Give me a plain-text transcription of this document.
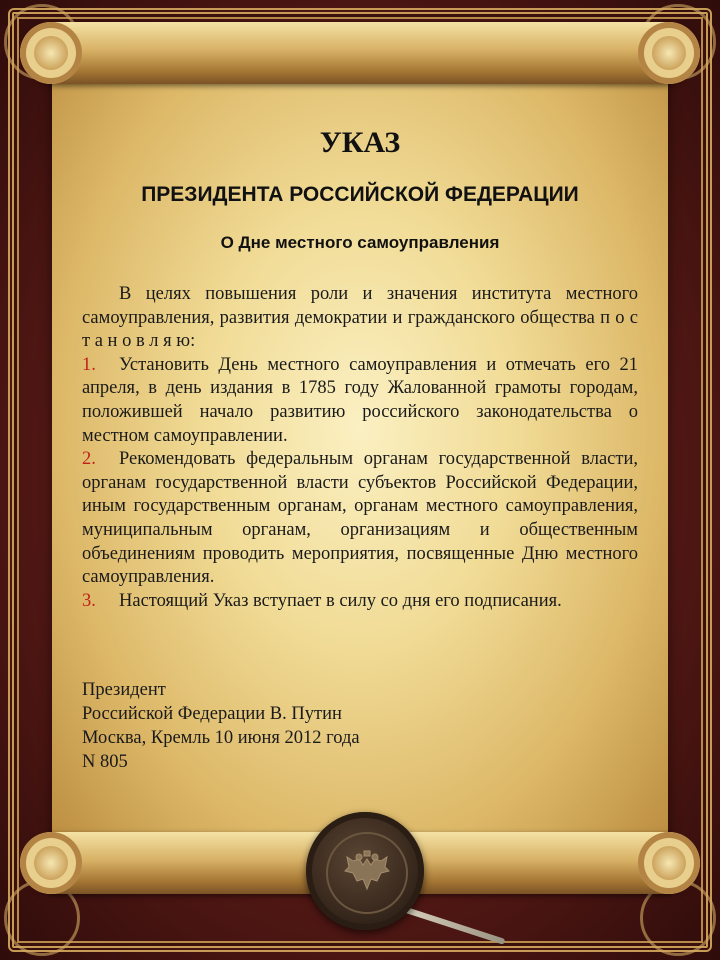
УКАЗ
ПРЕЗИДЕНТА РОССИЙСКОЙ ФЕДЕРАЦИИ
О Дне местного самоуправления

В целях повышения роли и значения института местного самоуправления, развития демократии и гражданского общества п о с т а н о в л я ю:

1. Установить День местного самоуправления и отмечать его 21 апреля, в день издания в 1785 году Жалованной грамоты городам, положившей начало развитию российского законодательства о местном самоуправлении.

2. Рекомендовать федеральным органам государственной власти, органам государственной власти субъектов Российской Федерации, иным государственным органам, органам местного самоуправления, муниципальным органам, организациям и общественным объединениям проводить мероприятия, посвященные Дню местного самоуправления.

3. Настоящий Указ вступает в силу со дня его подписания.

Президент
Российской Федерации В. Путин
Москва, Кремль 10 июня 2012 года
N 805
